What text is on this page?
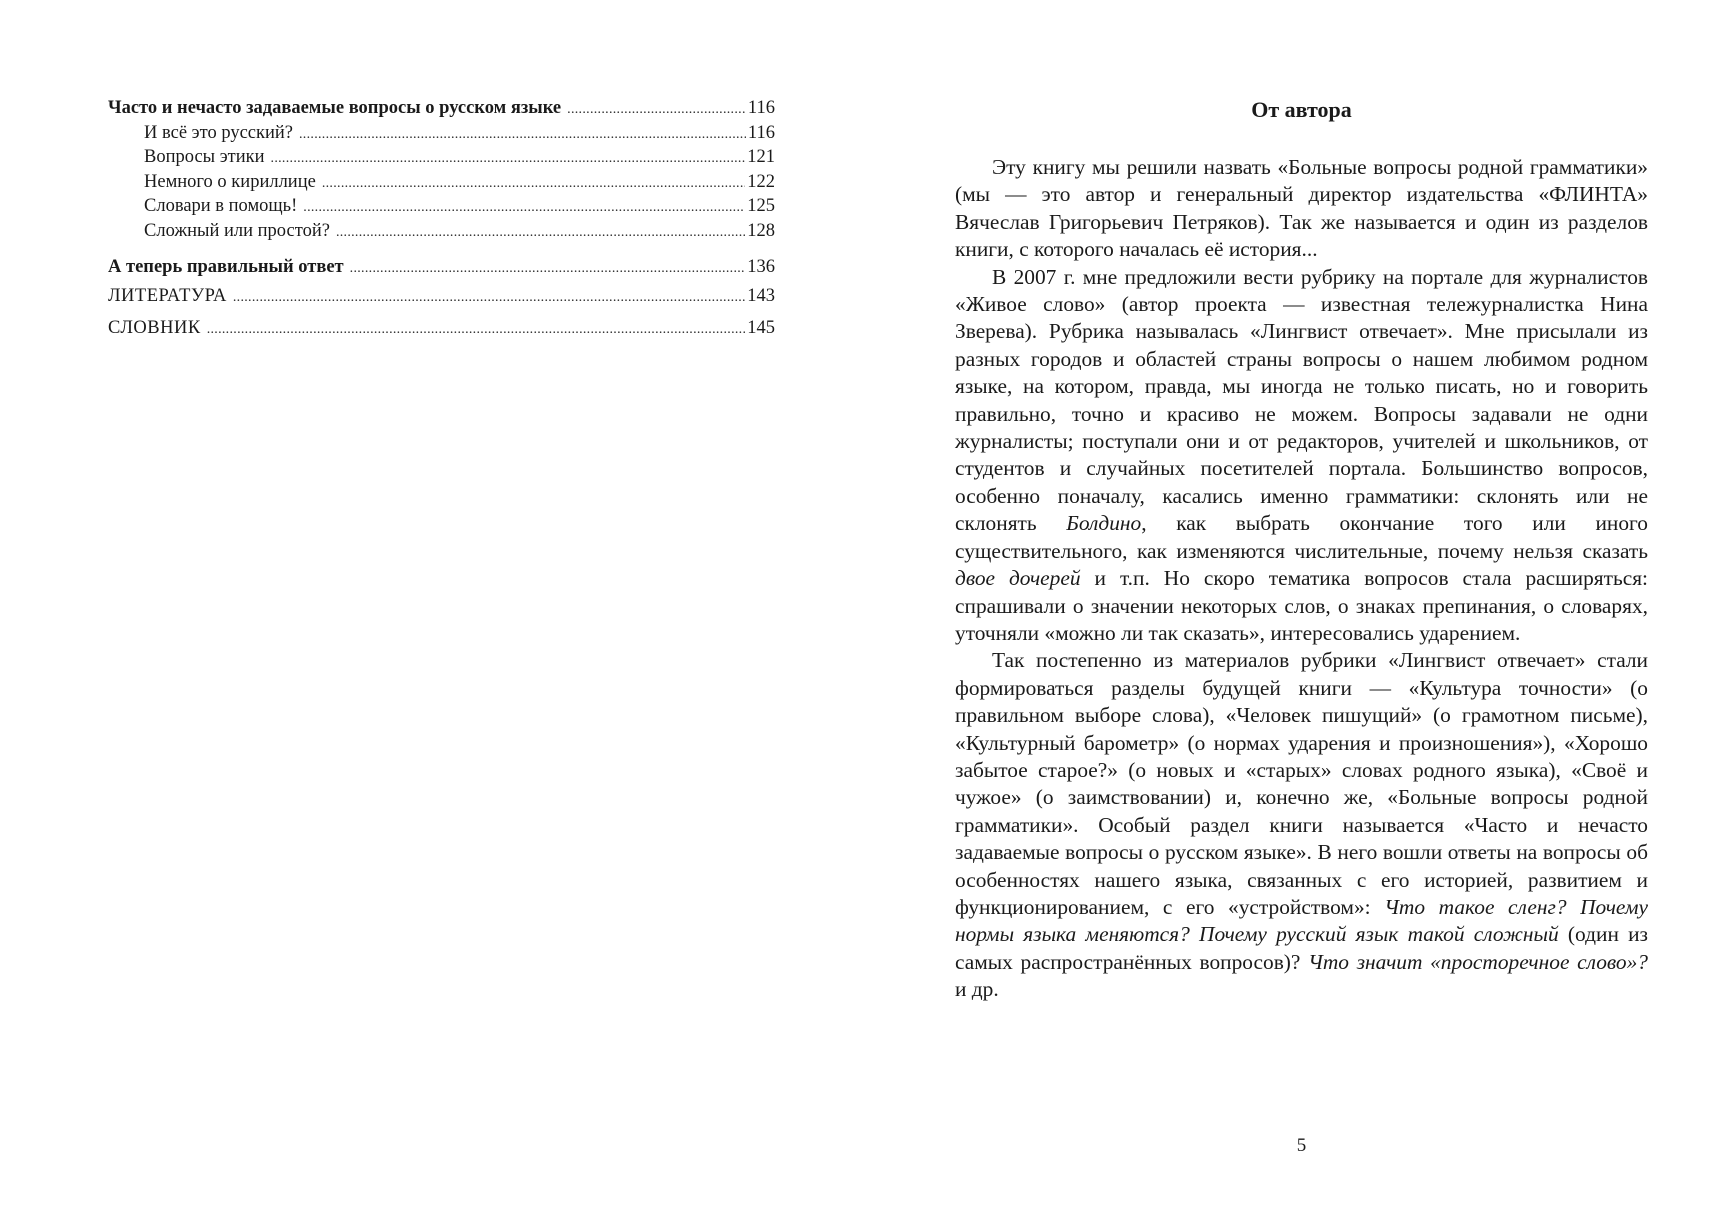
Часто и нечасто задаваемые вопросы о русском языке .....	116
И всё это русский? .....	116
Вопросы этики .....	121
Немного о кириллице .....	122
Словари в помощь! .....	125
Сложный или простой? .....	128
А теперь правильный ответ .....	136
ЛИТЕРАТУРА .....	143
СЛОВНИК .....	145
От автора

Эту книгу мы решили назвать «Больные вопросы родной грамматики» (мы — это автор и генеральный директор издательства «ФЛИНТА» Вячеслав Григорьевич Петряков). Так же называется и один из разделов книги, с которого началась её история...

В 2007 г. мне предложили вести рубрику на портале для журналистов «Живое слово» (автор проекта — известная тележурналистка Нина Зверева). Рубрика называлась «Лингвист отвечает». Мне присылали из разных городов и областей страны вопросы о нашем любимом родном языке, на котором, правда, мы иногда не только писать, но и говорить правильно, точно и красиво не можем. Вопросы задавали не одни журналисты; поступали они и от редакторов, учителей и школьников, от студентов и случайных посетителей портала. Большинство вопросов, особенно поначалу, касались именно грамматики: склонять или не склонять Болдино, как выбрать окончание того или иного существительного, как изменяются числительные, почему нельзя сказать двое дочерей и т.п. Но скоро тематика вопросов стала расширяться: спрашивали о значении некоторых слов, о знаках препинания, о словарях, уточняли «можно ли так сказать», интересовались ударением.

Так постепенно из материалов рубрики «Лингвист отвечает» стали формироваться разделы будущей книги — «Культура точности» (о правильном выборе слова), «Человек пишущий» (о грамотном письме), «Культурный барометр» (о нормах ударения и произношения»), «Хорошо забытое старое?» (о новых и «старых» словах родного языка), «Своё и чужое» (о заимствовании) и, конечно же, «Больные вопросы родной грамматики». Особый раздел книги называется «Часто и нечасто задаваемые вопросы о русском языке». В него вошли ответы на вопросы об особенностях нашего языка, связанных с его историей, развитием и функционированием, с его «устройством»: Что такое сленг? Почему нормы языка меняются? Почему русский язык такой сложный (один из самых распространённых вопросов)? Что значит «просторечное слово»? и др.

5
